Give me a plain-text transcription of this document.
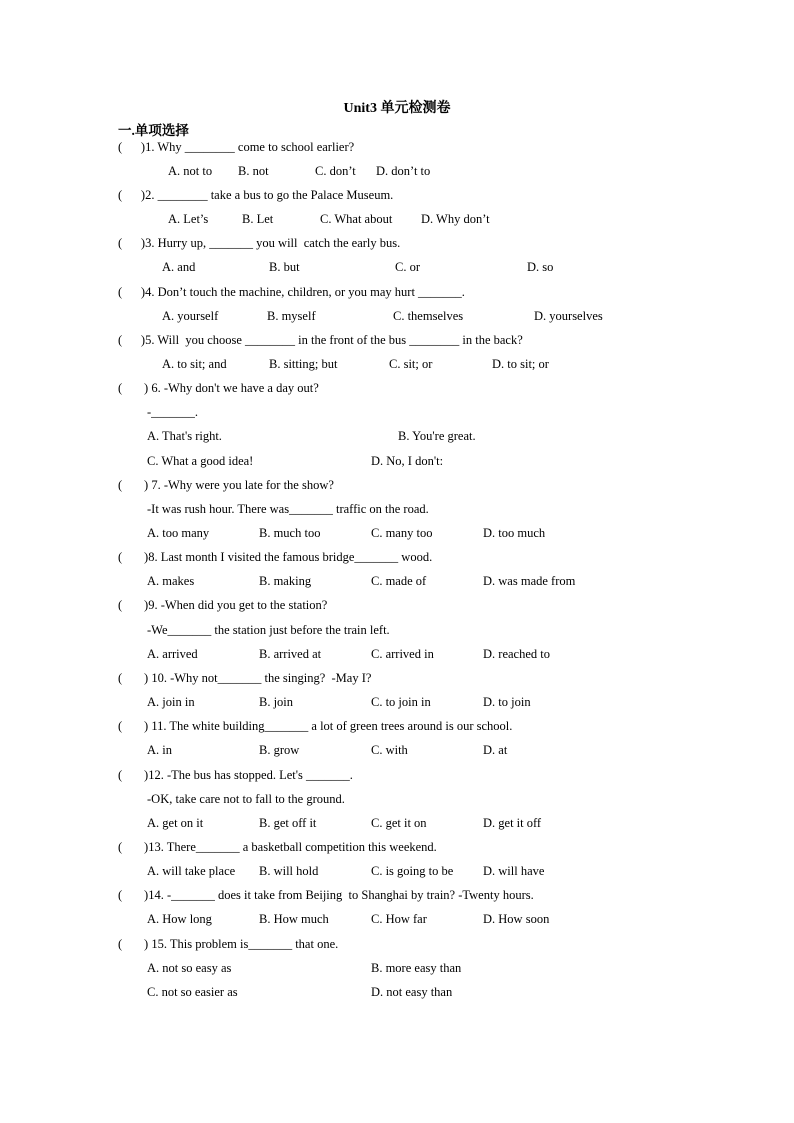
Unit3 单元检测卷
一.单项选择
(      )1. Why ________ come to school earlier?
A. not to B. not	C. don’t D. don’t to
(      )2. ________ take a bus to go the Palace Museum.
A. Let’s	B. Let	C. What about D. Why don’t
(      )3. Hurry up, _______ you will  catch the early bus.
A. and	B. but	C. or	D. so
(      )4. Don’t touch the machine, children, or you may hurt _______.
A. yourself	B. myself	C. themselves	D. yourselves
(      )5. Will  you choose ________ in the front of the bus ________ in the back?
A. to sit; and	B. sitting; but	C. sit; or	D. to sit; or
(       ) 6. -Why don't we have a day out?
-_______.
A. That's right.	B. You're great.
C. What a good idea!	D. No, I don't:
(       ) 7. -Why were you late for the show?
-It was rush hour. There was_______ traffic on the road.
A. too many	B. much too	C. many too	D. too much
(       )8. Last month I visited the famous bridge_______ wood.
A. makes	B. making	C. made of	D. was made from
(       )9. -When did you get to the station?
-We_______ the station just before the train left.
A. arrived	B. arrived at	C. arrived in	D. reached to
(       ) 10. -Why not_______ the singing?  -May I?
A. join in	B. join	C. to join in	D. to join
(       ) 11. The white building_______ a lot of green trees around is our school.
A. in	B. grow	C. with	D. at
(       )12. -The bus has stopped. Let's _______.
-OK, take care not to fall to the ground.
A. get on it	B. get off it	C. get it on	D. get it off
(       )13. There_______ a basketball competition this weekend.
A. will take place B. will hold	C. is going to be D. will have
(       )14. -_______ does it take from Beijing  to Shanghai by train? -Twenty hours.
A. How long	B. How much	C. How far	D. How soon
(       ) 15. This problem is_______ that one.
A. not so easy as	B. more easy than
C. not so easier as	D. not easy than
